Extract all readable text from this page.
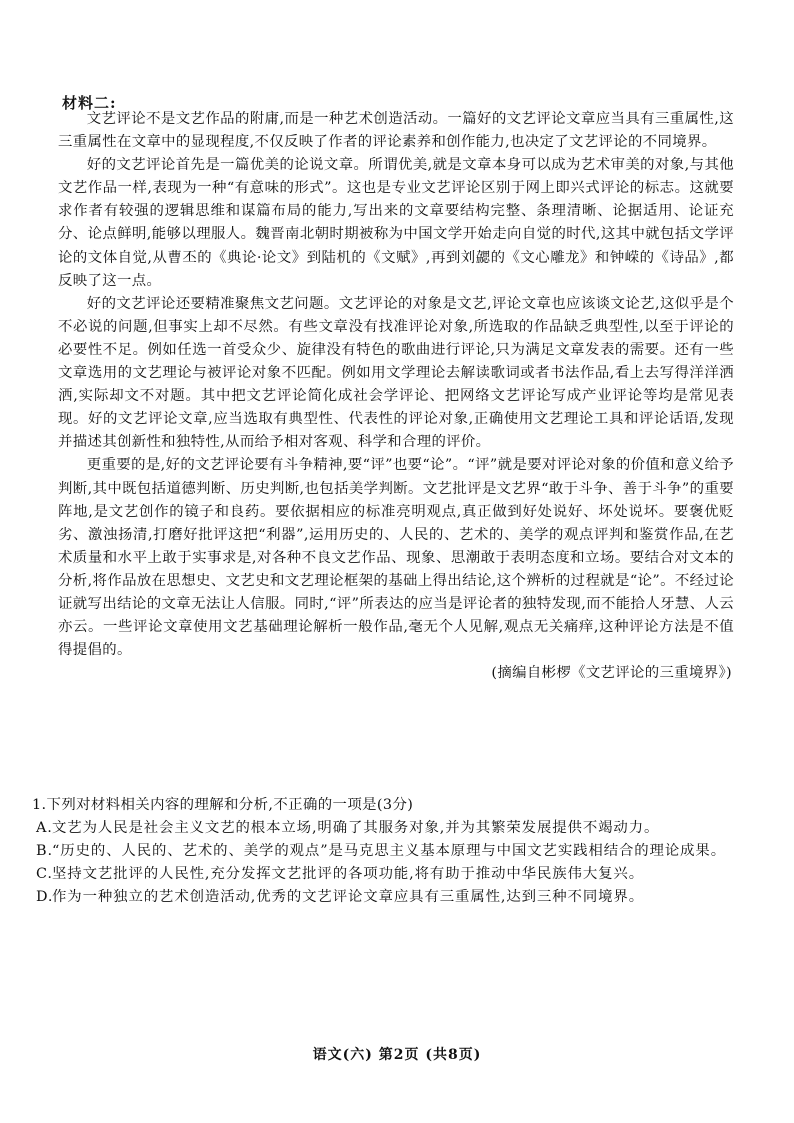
材料二:

文艺评论不是文艺作品的附庸,而是一种艺术创造活动。一篇好的文艺评论文章应当具有三重属性,这三重属性在文章中的显现程度,不仅反映了作者的评论素养和创作能力,也决定了文艺评论的不同境界。

好的文艺评论首先是一篇优美的论说文章。所谓优美,就是文章本身可以成为艺术审美的对象,与其他文艺作品一样,表现为一种“有意味的形式”。这也是专业文艺评论区别于网上即兴式评论的标志。这就要求作者有较强的逻辑思维和谋篇布局的能力,写出来的文章要结构完整、条理清晰、论据适用、论证充分、论点鲜明,能够以理服人。魏晋南北朝时期被称为中国文学开始走向自觉的时代,这其中就包括文学评论的文体自觉,从曹丕的《典论·论文》到陆机的《文赋》,再到刘勰的《文心雕龙》和钟嵘的《诗品》,都反映了这一点。

好的文艺评论还要精准聚焦文艺问题。文艺评论的对象是文艺,评论文章也应该谈文论艺,这似乎是个不必说的问题,但事实上却不尽然。有些文章没有找准评论对象,所选取的作品缺乏典型性,以至于评论的必要性不足。例如任选一首受众少、旋律没有特色的歌曲进行评论,只为满足文章发表的需要。还有一些文章选用的文艺理论与被评论对象不匹配。例如用文学理论去解读歌词或者书法作品,看上去写得洋洋洒洒,实际却文不对题。其中把文艺评论简化成社会学评论、把网络文艺评论写成产业评论等均是常见表现。好的文艺评论文章,应当选取有典型性、代表性的评论对象,正确使用文艺理论工具和评论话语,发现并描述其创新性和独特性,从而给予相对客观、科学和合理的评价。

更重要的是,好的文艺评论要有斗争精神,要“评”也要“论”。“评”就是要对评论对象的价值和意义给予判断,其中既包括道德判断、历史判断,也包括美学判断。文艺批评是文艺界“敢于斗争、善于斗争”的重要阵地,是文艺创作的镜子和良药。要依据相应的标准亮明观点,真正做到好处说好、坏处说坏。要褒优贬劣、激浊扬清,打磨好批评这把“利器”,运用历史的、人民的、艺术的、美学的观点评判和鉴赏作品,在艺术质量和水平上敢于实事求是,对各种不良文艺作品、现象、思潮敢于表明态度和立场。要结合对文本的分析,将作品放在思想史、文艺史和文艺理论框架的基础上得出结论,这个辨析的过程就是“论”。不经过论证就写出结论的文章无法让人信服。同时,“评”所表达的应当是评论者的独特发现,而不能拾人牙慧、人云亦云。一些评论文章使用文艺基础理论解析一般作品,毫无个人见解,观点无关痛痒,这种评论方法是不值得提倡的。

(摘编自彬椤《文艺评论的三重境界》)

1.下列对材料相关内容的理解和分析,不正确的一项是(3分)

A.文艺为人民是社会主义文艺的根本立场,明确了其服务对象,并为其繁荣发展提供不竭动力。

B.“历史的、人民的、艺术的、美学的观点”是马克思主义基本原理与中国文艺实践相结合的理论成果。

C.坚持文艺批评的人民性,充分发挥文艺批评的各项功能,将有助于推动中华民族伟大复兴。

D.作为一种独立的艺术创造活动,优秀的文艺评论文章应具有三重属性,达到三种不同境界。

语文(六) 第2页 (共8页)
